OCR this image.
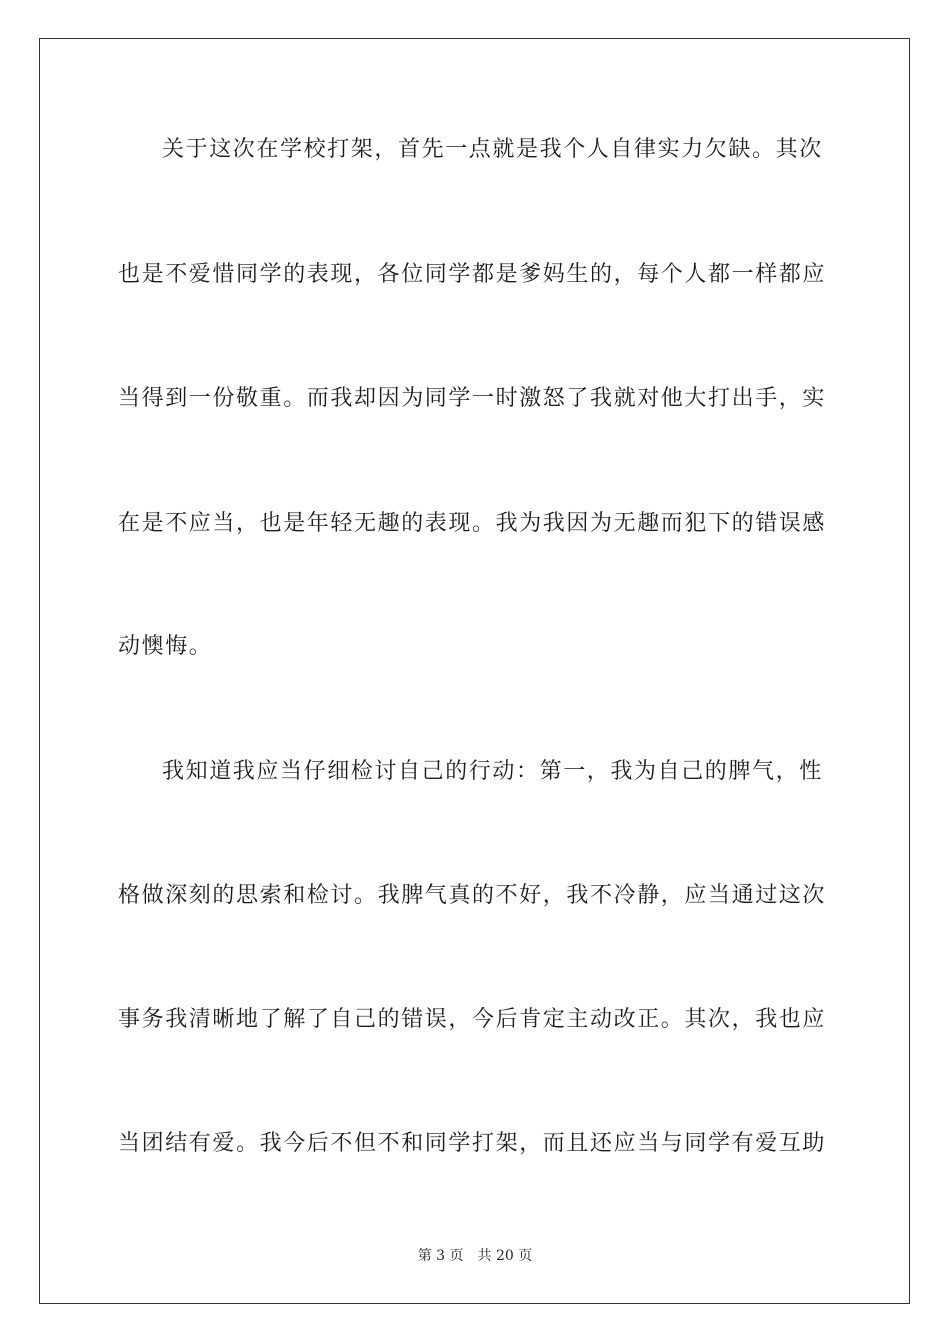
关于这次在学校打架，首先一点就是我个人自律实力欠缺。其次
也是不爱惜同学的表现，各位同学都是爹妈生的，每个人都一样都应
当得到一份敬重。而我却因为同学一时激怒了我就对他大打出手，实
在是不应当，也是年轻无趣的表现。我为我因为无趣而犯下的错误感
动懊悔。
我知道我应当仔细检讨自己的行动：第一，我为自己的脾气，性
格做深刻的思索和检讨。我脾气真的不好，我不冷静，应当通过这次
事务我清晰地了解了自己的错误，今后肯定主动改正。其次，我也应
当团结有爱。我今后不但不和同学打架，而且还应当与同学有爱互助
第 3 页　共 20 页
